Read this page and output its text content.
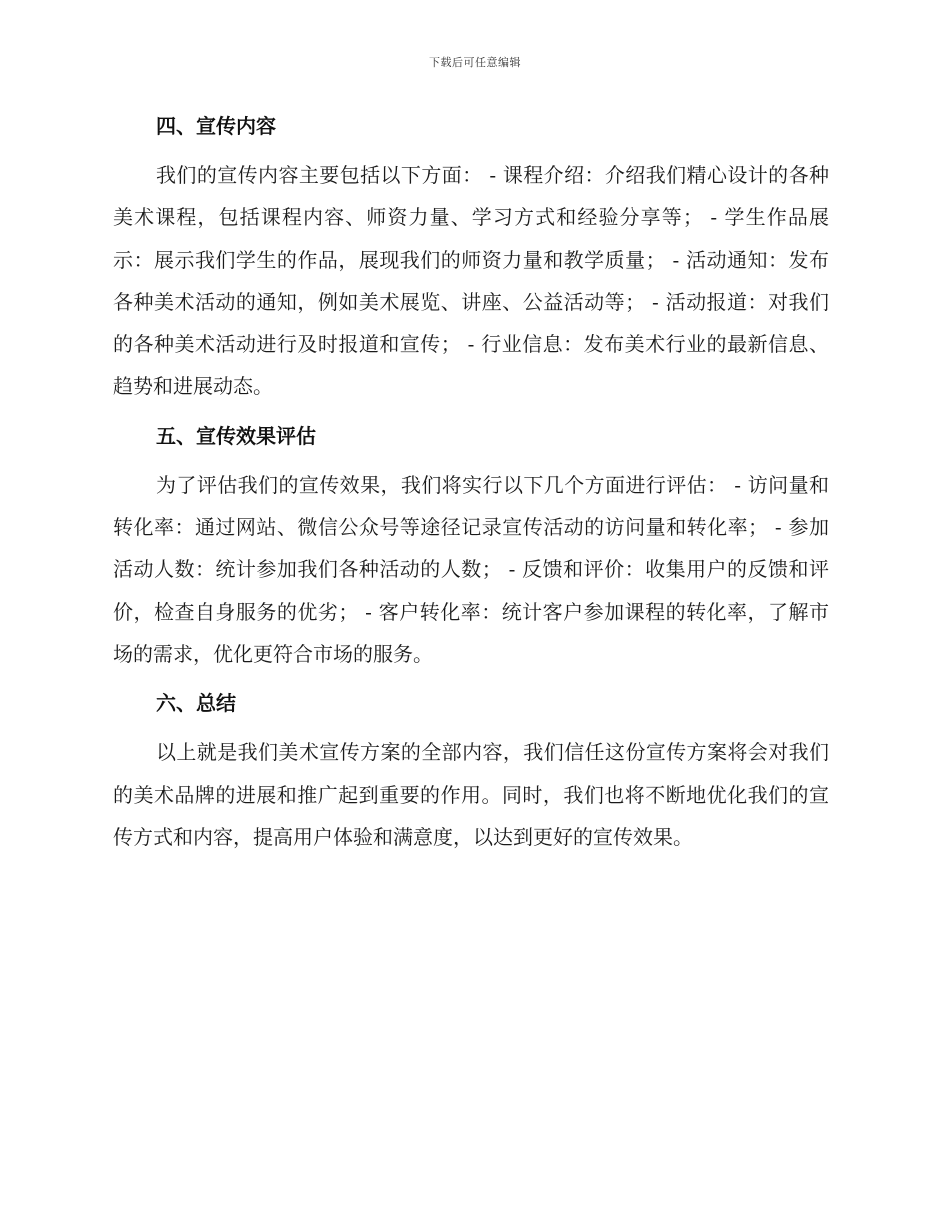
下载后可任意编辑
四、宣传内容

我们的宣传内容主要包括以下方面： - 课程介绍：介绍我们精心设计的各种美术课程，包括课程内容、师资力量、学习方式和经验分享等； - 学生作品展示：展示我们学生的作品，展现我们的师资力量和教学质量； - 活动通知：发布各种美术活动的通知，例如美术展览、讲座、公益活动等； - 活动报道：对我们的各种美术活动进行及时报道和宣传； - 行业信息：发布美术行业的最新信息、趋势和进展动态。

五、宣传效果评估

为了评估我们的宣传效果，我们将实行以下几个方面进行评估： - 访问量和转化率：通过网站、微信公众号等途径记录宣传活动的访问量和转化率； - 参加活动人数：统计参加我们各种活动的人数； - 反馈和评价：收集用户的反馈和评价，检查自身服务的优劣； - 客户转化率：统计客户参加课程的转化率，了解市场的需求，优化更符合市场的服务。

六、总结

以上就是我们美术宣传方案的全部内容，我们信任这份宣传方案将会对我们的美术品牌的进展和推广起到重要的作用。同时，我们也将不断地优化我们的宣传方式和内容，提高用户体验和满意度，以达到更好的宣传效果。
